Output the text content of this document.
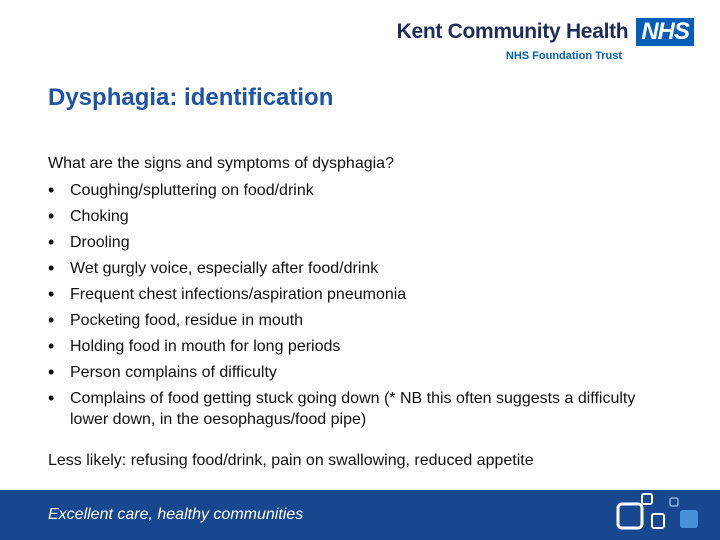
Kent Community Health NHS
NHS Foundation Trust
Dysphagia: identification

What are the signs and symptoms of dysphagia?

• Coughing/spluttering on food/drink
• Choking
• Drooling
• Wet gurgly voice, especially after food/drink
• Frequent chest infections/aspiration pneumonia
• Pocketing food, residue in mouth
• Holding food in mouth for long periods
• Person complains of difficulty
• Complains of food getting stuck going down (* NB this often suggests a difficulty lower down, in the oesophagus/food pipe)

Less likely: refusing food/drink, pain on swallowing, reduced appetite

Excellent care, healthy communities
